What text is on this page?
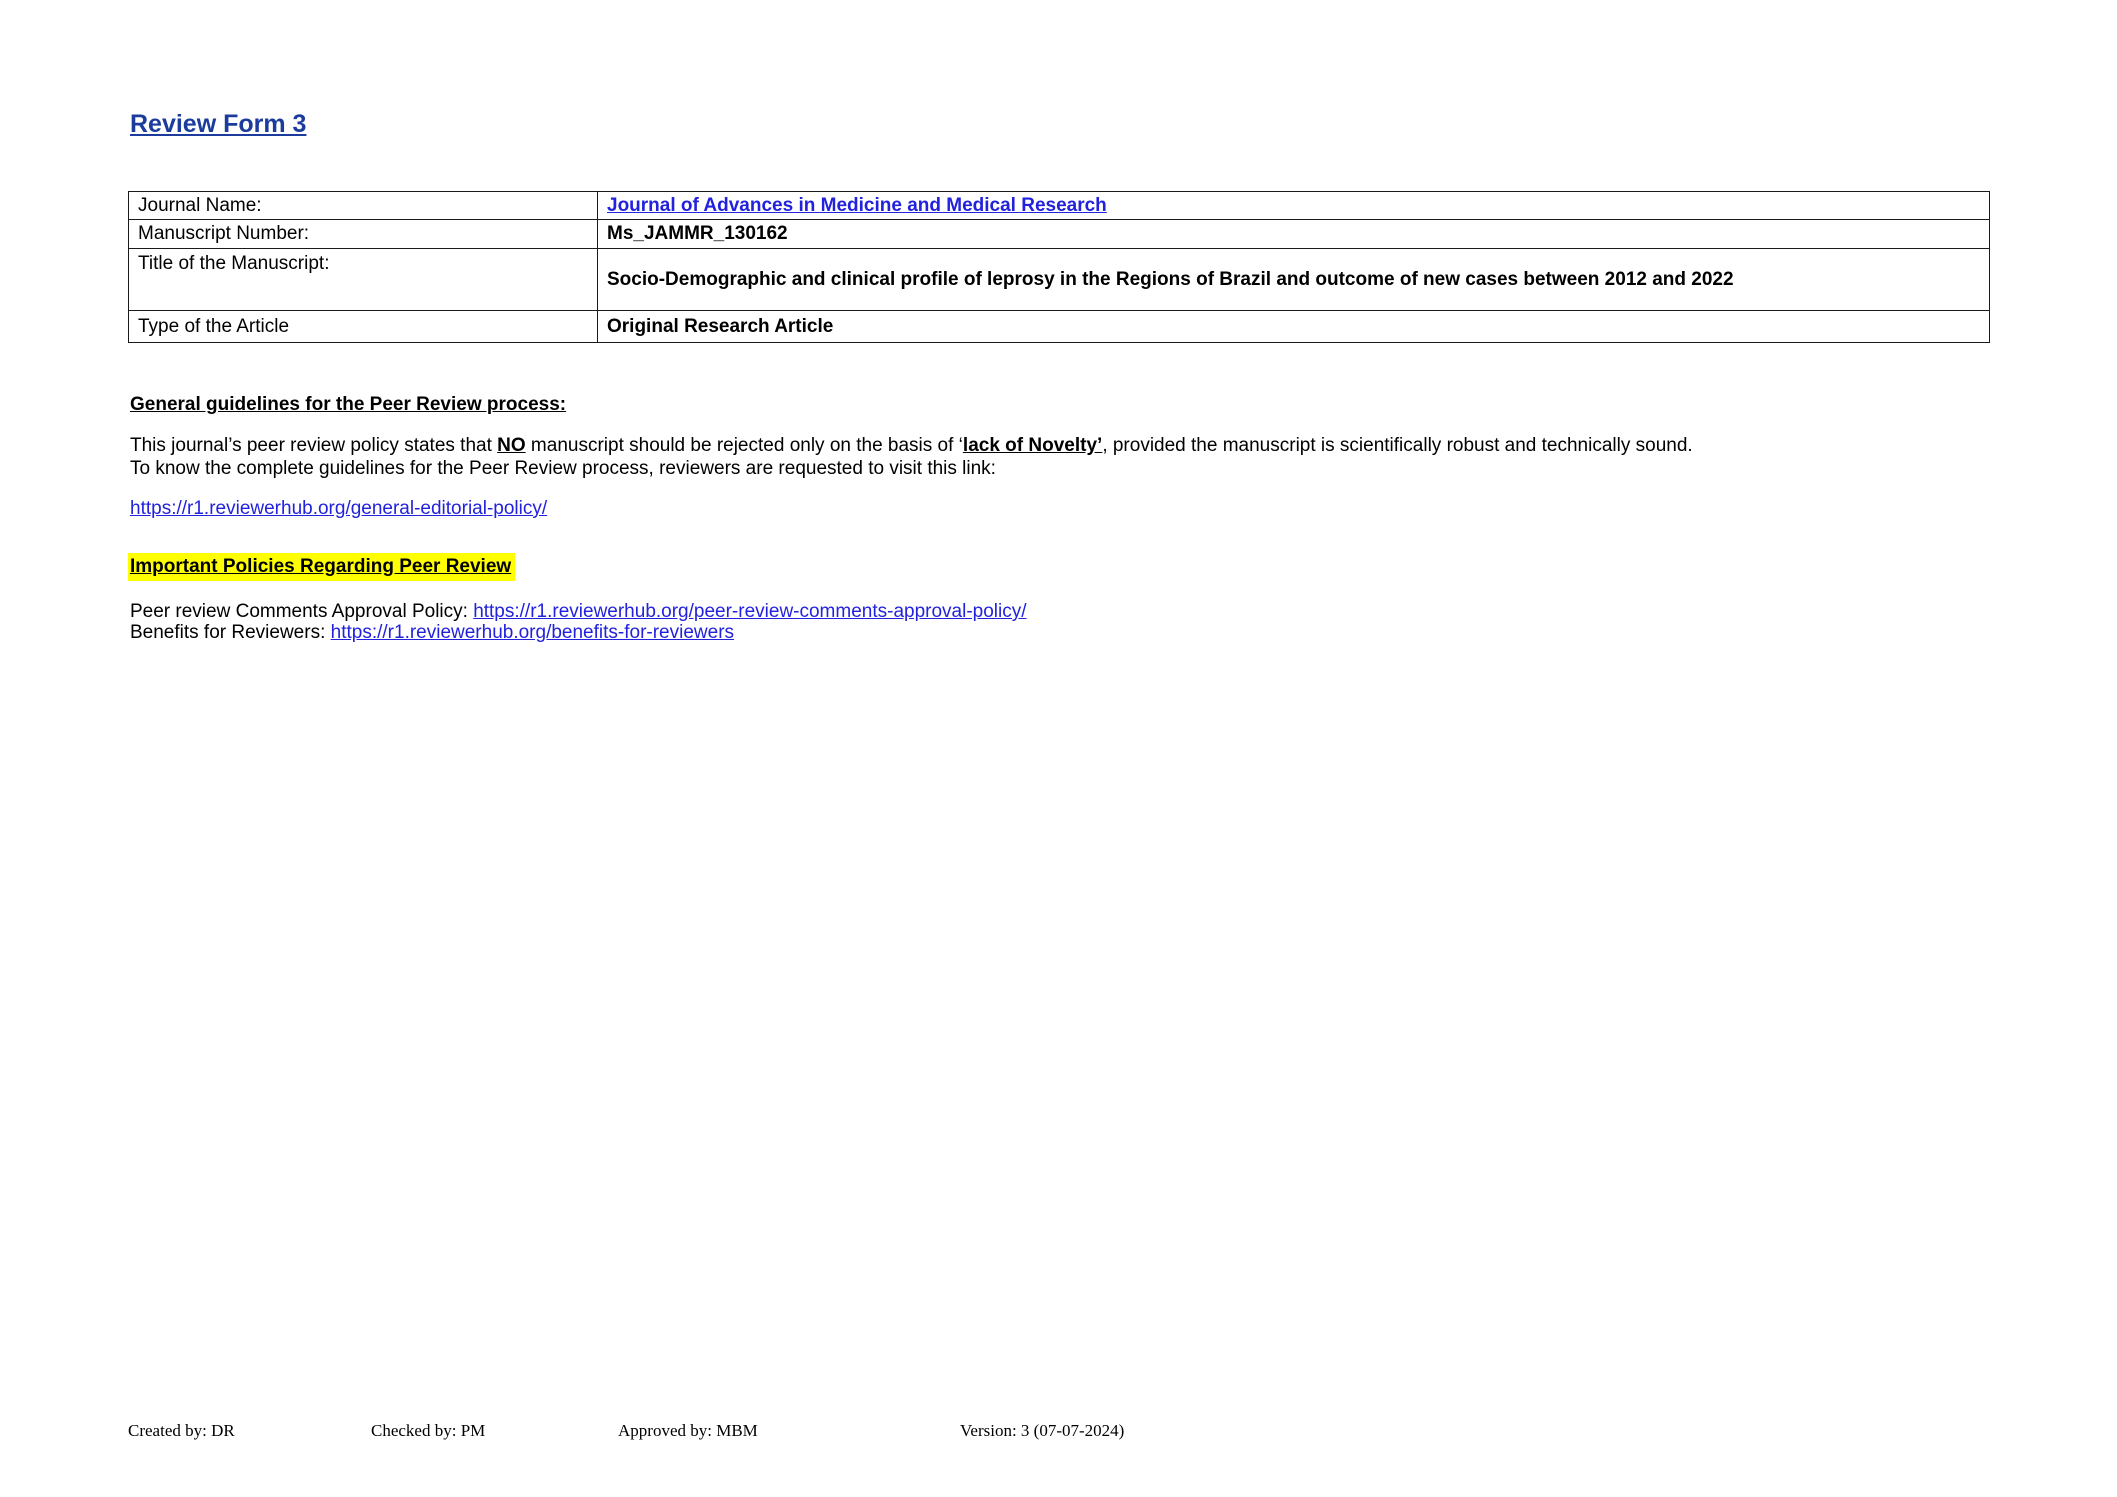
Review Form 3
Journal Name:	Journal of Advances in Medicine and Medical Research
Manuscript Number:	Ms_JAMMR_130162
Title of the Manuscript:	Socio-Demographic and clinical profile of leprosy in the Regions of Brazil and outcome of new cases between 2012 and 2022
Type of the Article	Original Research Article
General guidelines for the Peer Review process:

This journal’s peer review policy states that NO manuscript should be rejected only on the basis of ‘lack of Novelty’, provided the manuscript is scientifically robust and technically sound.
To know the complete guidelines for the Peer Review process, reviewers are requested to visit this link:

https://r1.reviewerhub.org/general-editorial-policy/

Important Policies Regarding Peer Review

Peer review Comments Approval Policy: https://r1.reviewerhub.org/peer-review-comments-approval-policy/
Benefits for Reviewers: https://r1.reviewerhub.org/benefits-for-reviewers

Created by: DR	Checked by: PM	Approved by: MBM	Version: 3 (07-07-2024)
